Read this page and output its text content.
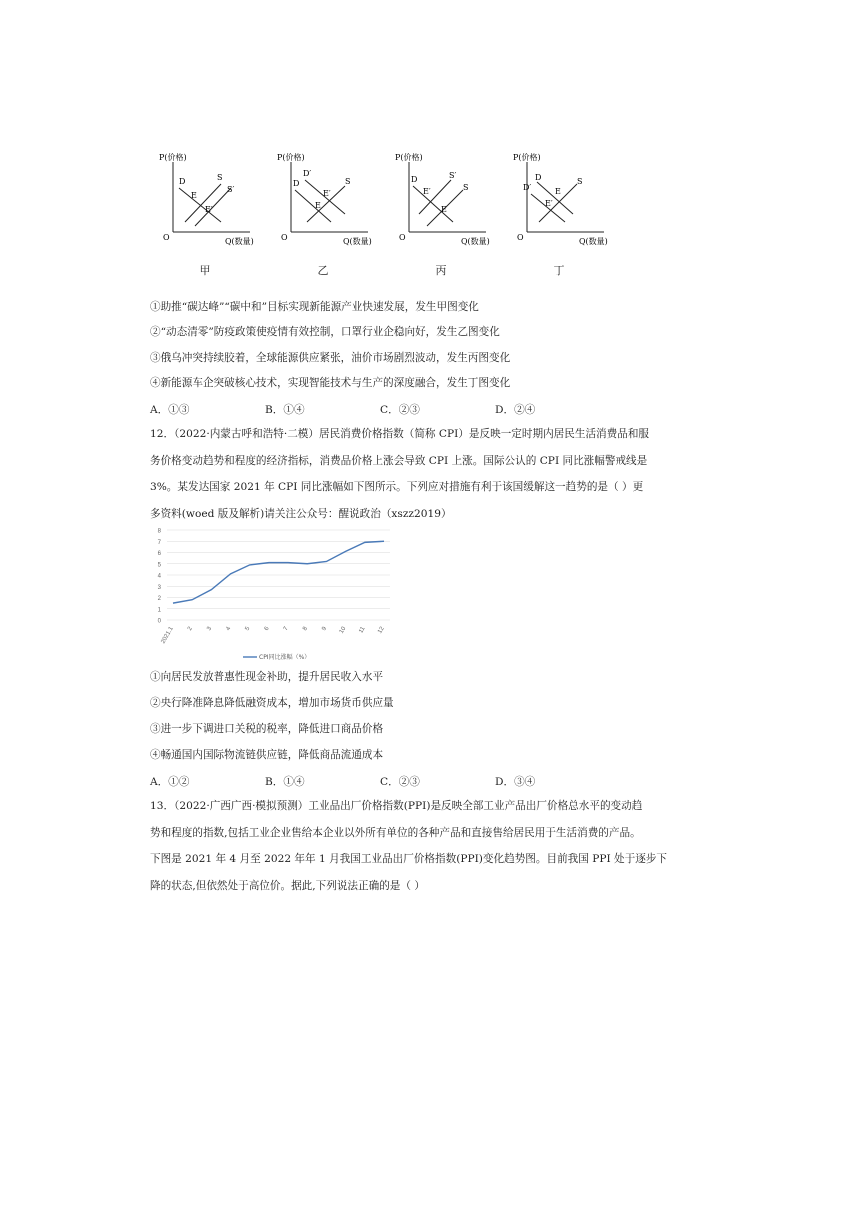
P(价格)
Q(数量)
O
D
E
S
S′
E′
甲
P(价格)
Q(数量)
O
D′
D
E′
E
S
乙
P(价格)
Q(数量)
O
S′
D
E′	S
E
丙
P(价格)
Q(数量)
O
D′
D
E
S
E′
丁
①助推“碳达峰”“碳中和”目标实现新能源产业快速发展，发生甲图变化
②“动态清零”防疫政策使疫情有效控制，口罩行业企稳向好，发生乙图变化
③俄乌冲突持续胶着，全球能源供应紧张，油价市场剧烈波动，发生丙图变化
④新能源车企突破核心技术，实现智能技术与生产的深度融合，发生丁图变化
A．①③	B．①④	C．②③	D．②④
12．（2022·内蒙古呼和浩特·二模）居民消费价格指数（简称 CPI）是反映一定时期内居民生活消费品和服
务价格变动趋势和程度的经济指标，消费品价格上涨会导致 CPI 上涨。国际公认的 CPI 同比涨幅警戒线是
3%。某发达国家 2021 年 CPI 同比涨幅如下图所示。下列应对措施有利于该国缓解这一趋势的是（ ）更
多资料(woed 版及解析)请关注公众号：醒说政治（xszz2019）
0
1
2
3
4
5
6
7
8
2021.1 2 3 4 5 6 7 8 9 10 11 12
CPI同比涨幅（%）
①向居民发放普惠性现金补助，提升居民收入水平
②央行降准降息降低融资成本，增加市场货币供应量
③进一步下调进口关税的税率，降低进口商品价格
④畅通国内国际物流链供应链，降低商品流通成本
A．①②	B．①④	C．②③	D．③④
13．（2022·广西广西·模拟预测）工业品出厂价格指数(PPI)是反映全部工业产品出厂价格总水平的变动趋
势和程度的指数,包括工业企业售给本企业以外所有单位的各种产品和直接售给居民用于生活消费的产品。
下图是 2021 年 4 月至 2022 年年 1 月我国工业品出厂价格指数(PPI)变化趋势图。目前我国 PPI 处于逐步下
降的状态,但依然处于高位价。据此,下列说法正确的是（ ）
